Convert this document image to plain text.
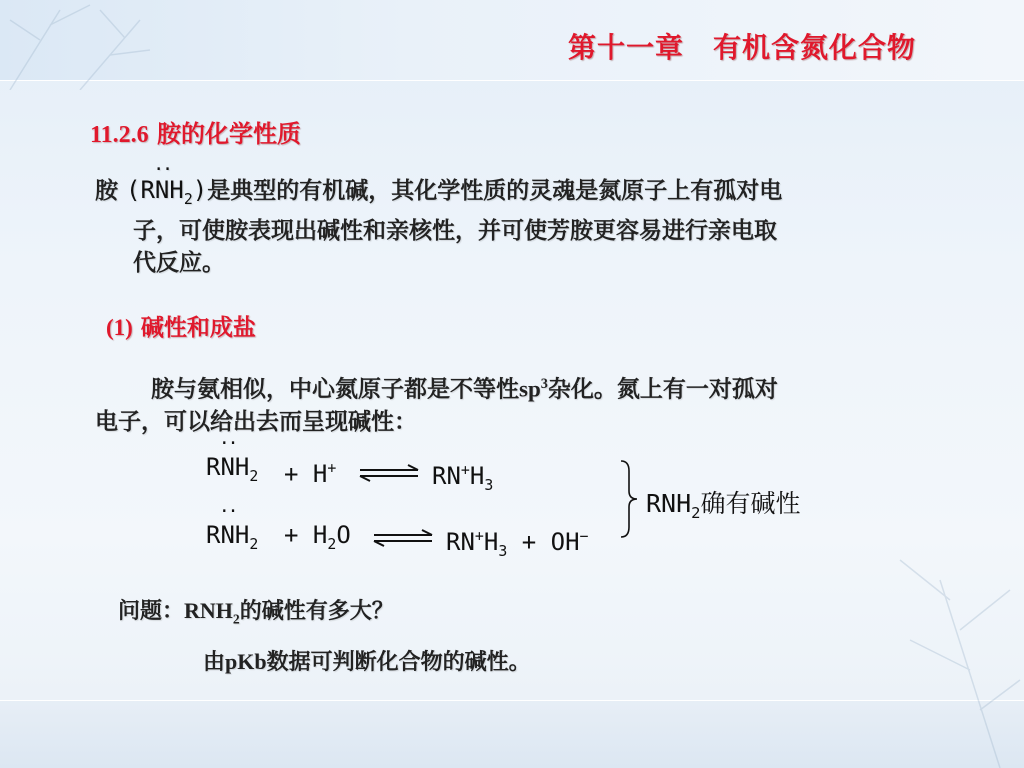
第十一章　有机含氮化合物
11.2.6 胺的化学性质
胺 $(R\cdot\cdot NH_2)$是典型的有机碱，其化学性质的灵魂是氮原子上有孤对电
子，可使胺表现出碱性和亲核性，并可使芳胺更容易进行亲电取
代反应。
(1) 碱性和成盐
胺与氨相似，中心氮原子都是不等性$sp^3$杂化。氮上有一对孤对
电子，可以给出去而呈现碱性：
$R\cdot\cdot NH_2 + H^+$	$RN^+H_3$
$R\cdot\cdot NH_2 + H_2O$	$RN^+H_3 + OH^-$
$RNH_2$确有碱性
问题：$RNH_2$的碱性有多大？
由pKb数据可判断化合物的碱性。
